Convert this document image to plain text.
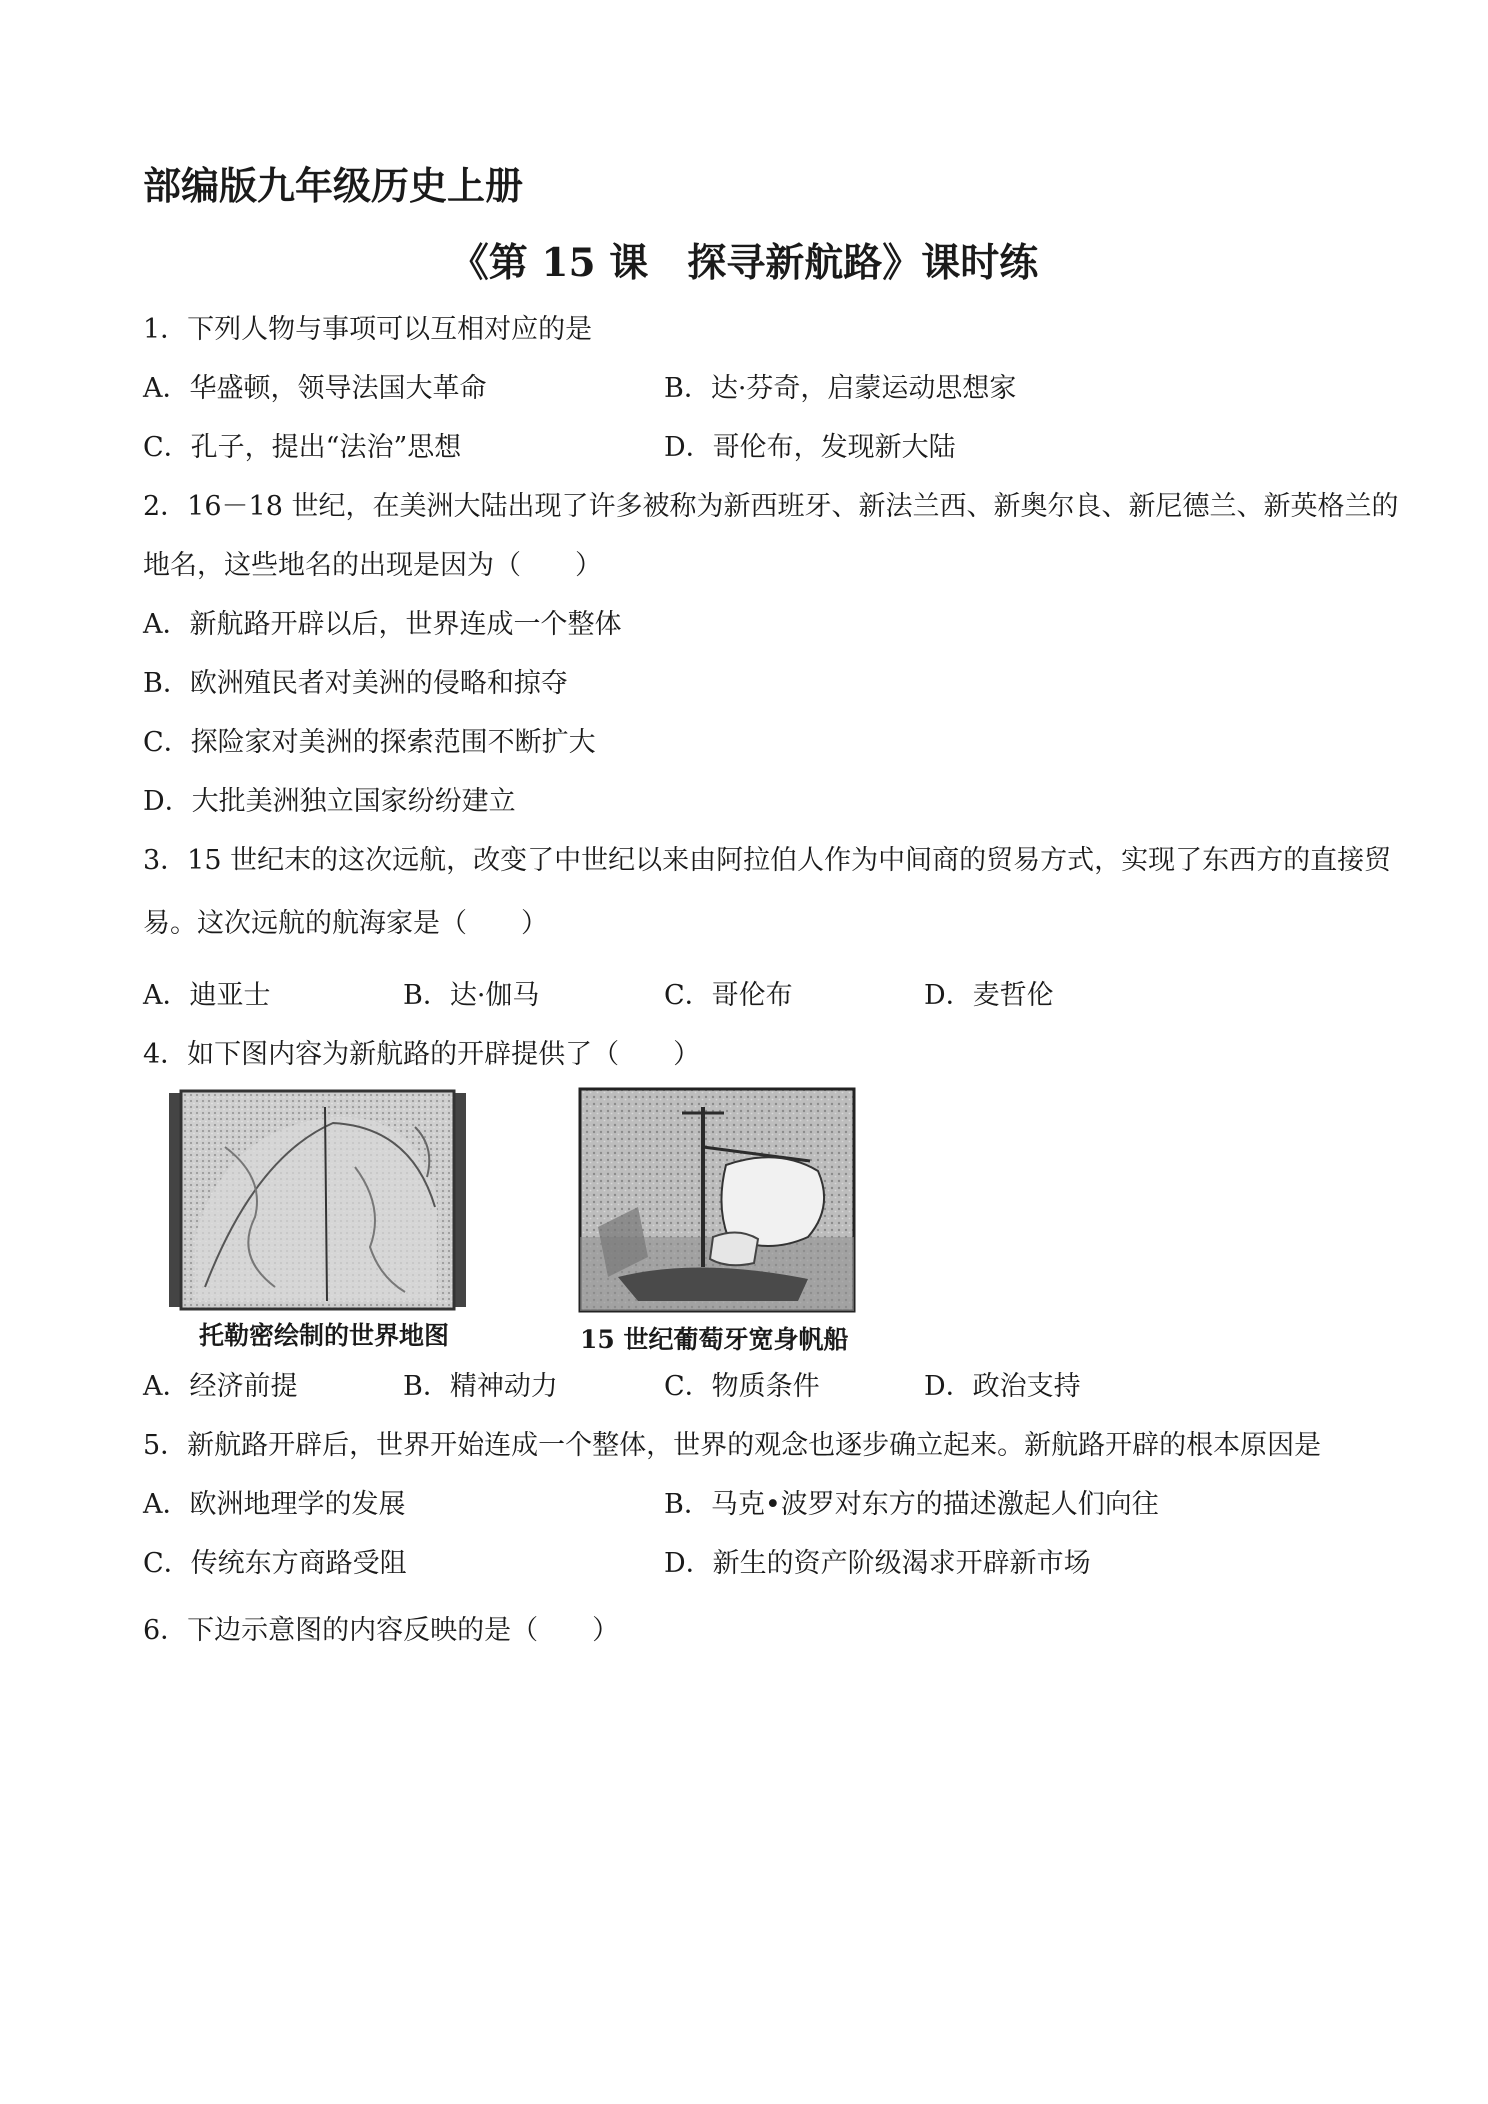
部编版九年级历史上册
《第 15 课　探寻新航路》课时练
1．下列人物与事项可以互相对应的是
A．华盛顿，领导法国大革命	B．达·芬奇，启蒙运动思想家
C．孔子，提出“法治”思想	D．哥伦布，发现新大陆
2．16－18 世纪，在美洲大陆出现了许多被称为新西班牙、新法兰西、新奥尔良、新尼德兰、新英格兰的
地名，这些地名的出现是因为（　　）
A．新航路开辟以后，世界连成一个整体
B．欧洲殖民者对美洲的侵略和掠夺
C．探险家对美洲的探索范围不断扩大
D．大批美洲独立国家纷纷建立
3．15 世纪末的这次远航，改变了中世纪以来由阿拉伯人作为中间商的贸易方式，实现了东西方的直接贸
易。这次远航的航海家是（　　）
A．迪亚士	B．达·伽马	C．哥伦布	D．麦哲伦
4．如下图内容为新航路的开辟提供了（　　）
托勒密绘制的世界地图	15 世纪葡萄牙宽身帆船
A．经济前提	B．精神动力	C．物质条件	D．政治支持
5．新航路开辟后，世界开始连成一个整体，世界的观念也逐步确立起来。新航路开辟的根本原因是
A．欧洲地理学的发展	B．马克•波罗对东方的描述激起人们向往
C．传统东方商路受阻	D．新生的资产阶级渴求开辟新市场
6．下边示意图的内容反映的是（　　）
